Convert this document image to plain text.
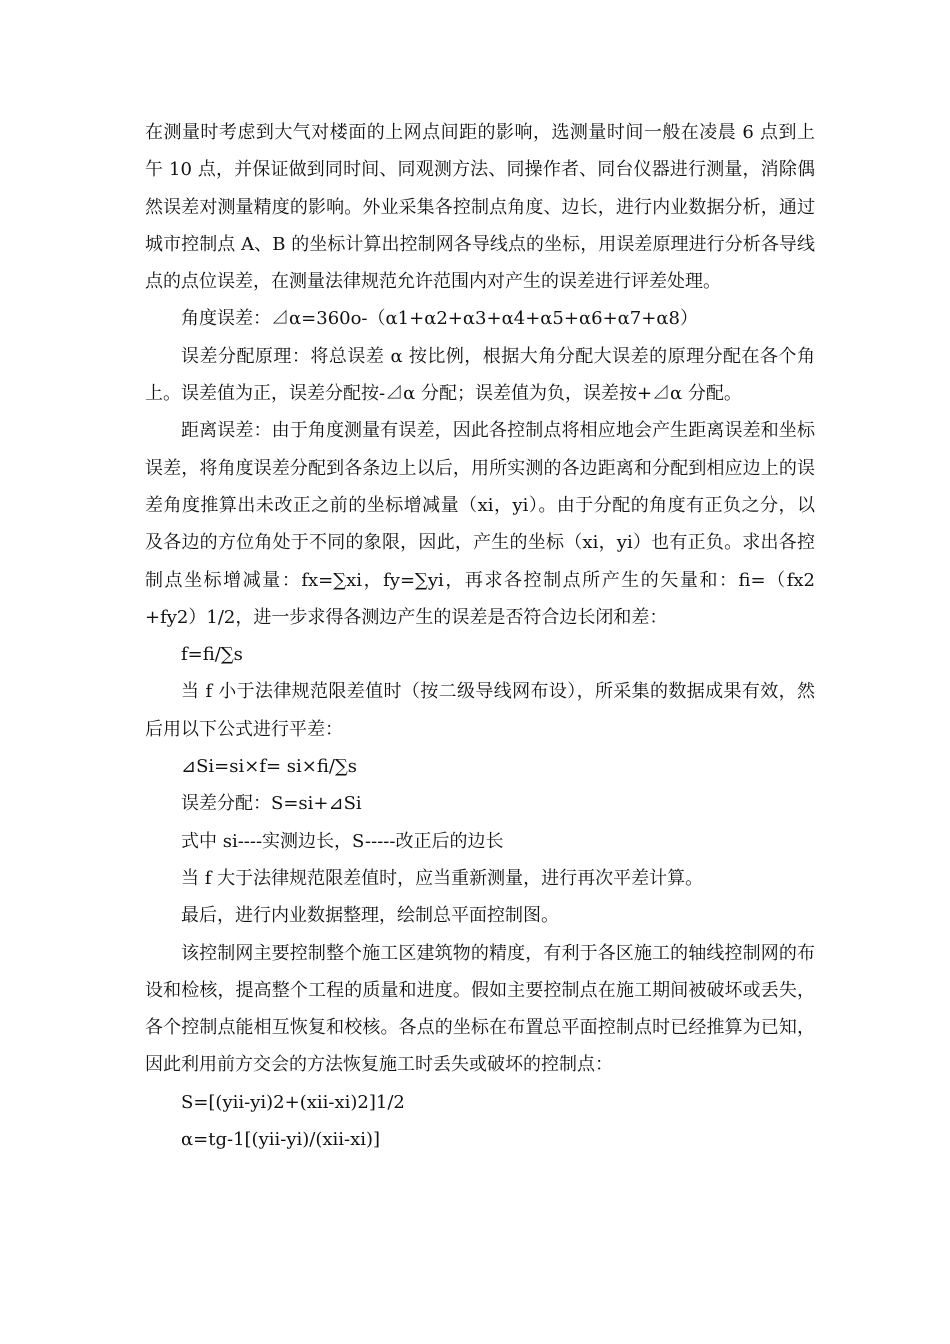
在测量时考虑到大气对楼面的上网点间距的影响，选测量时间一般在凌晨 6 点到上午 10 点，并保证做到同时间、同观测方法、同操作者、同台仪器进行测量，消除偶然误差对测量精度的影响。外业采集各控制点角度、边长，进行内业数据分析，通过城市控制点 A、B 的坐标计算出控制网各导线点的坐标，用误差原理进行分析各导线点的点位误差，在测量法律规范允许范围内对产生的误差进行评差处理。

角度误差：⊿α=360ο-（α1+α2+α3+α4+α5+α6+α7+α8）

误差分配原理：将总误差 α 按比例，根据大角分配大误差的原理分配在各个角上。误差值为正，误差分配按-⊿α 分配；误差值为负，误差按+⊿α 分配。

距离误差：由于角度测量有误差，因此各控制点将相应地会产生距离误差和坐标误差，将角度误差分配到各条边上以后，用所实测的各边距离和分配到相应边上的误差角度推算出未改正之前的坐标增减量（xi，yi）。由于分配的角度有正负之分，以及各边的方位角处于不同的象限，因此，产生的坐标（xi，yi）也有正负。求出各控制点坐标增减量：fx=∑xi，fy=∑yi，再求各控制点所产生的矢量和：fi=（fx2 +fy2）1/2，进一步求得各测边产生的误差是否符合边长闭和差：

f=fi/∑s

当 f 小于法律规范限差值时（按二级导线网布设），所采集的数据成果有效，然后用以下公式进行平差：

⊿Si=si×f= si×fi/∑s

误差分配：S=si+⊿Si

式中 si----实测边长，S-----改正后的边长

当 f 大于法律规范限差值时，应当重新测量，进行再次平差计算。

最后，进行内业数据整理，绘制总平面控制图。

该控制网主要控制整个施工区建筑物的精度，有利于各区施工的轴线控制网的布设和检核，提高整个工程的质量和进度。假如主要控制点在施工期间被破坏或丢失，各个控制点能相互恢复和校核。各点的坐标在布置总平面控制点时已经推算为已知，因此利用前方交会的方法恢复施工时丢失或破坏的控制点：

S=[(yii-yi)2+(xii-xi)2]1/2

α=tg-1[(yii-yi)/(xii-xi)]
